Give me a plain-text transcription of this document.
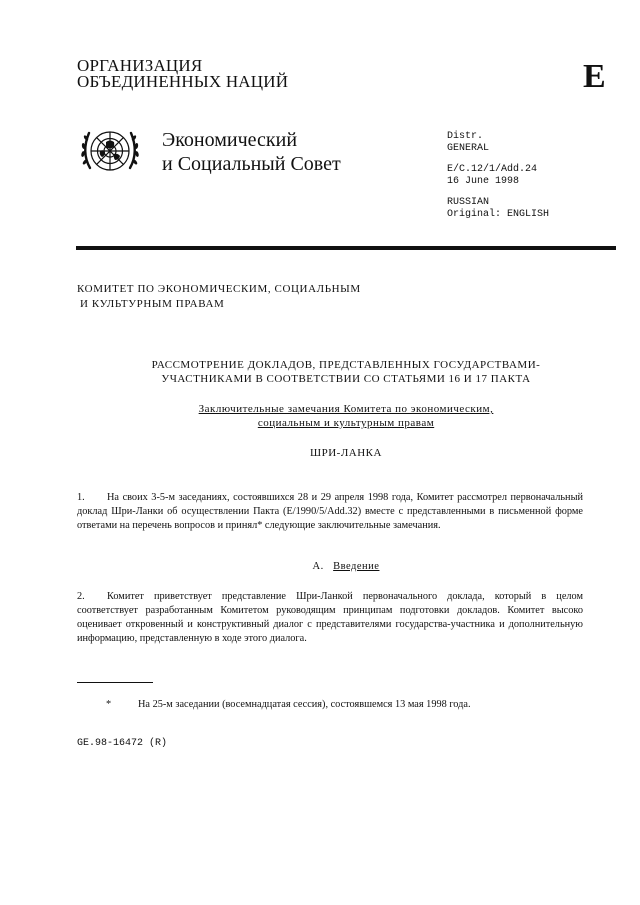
ОРГАНИЗАЦИЯ
ОБЪЕДИНЕННЫХ НАЦИЙ	E
Экономический
и Социальный Совет
Distr.
GENERAL
E/C.12/1/Add.24
16 June 1998
RUSSIAN
Original: ENGLISH
КОМИТЕТ ПО ЭКОНОМИЧЕСКИМ, СОЦИАЛЬНЫМ
И КУЛЬТУРНЫМ ПРАВАМ
РАССМОТРЕНИЕ ДОКЛАДОВ, ПРЕДСТАВЛЕННЫХ ГОСУДАРСТВАМИ-
УЧАСТНИКАМИ В СООТВЕТСТВИИ СО СТАТЬЯМИ 16 И 17 ПАКТА
Заключительные замечания Комитета по экономическим,
социальным и культурным правам
ШРИ-ЛАНКА
1. На своих 3-5-м заседаниях, состоявшихся 28 и 29 апреля 1998 года, Комитет рассмотрел первоначальный доклад Шри-Ланки об осуществлении Пакта (E/1990/5/Add.32) вместе с представленными в письменной форме ответами на перечень вопросов и принял* следующие заключительные замечания.
A. Введение
2. Комитет приветствует представление Шри-Ланкой первоначального доклада, который в целом соответствует разработанным Комитетом руководящим принципам подготовки докладов. Комитет высоко оценивает откровенный и конструктивный диалог с представителями государства-участника и дополнительную информацию, представленную в ходе этого диалога.
*	На 25-м заседании (восемнадцатая сессия), состоявшемся 13 мая 1998 года.
GE.98-16472 (R)
